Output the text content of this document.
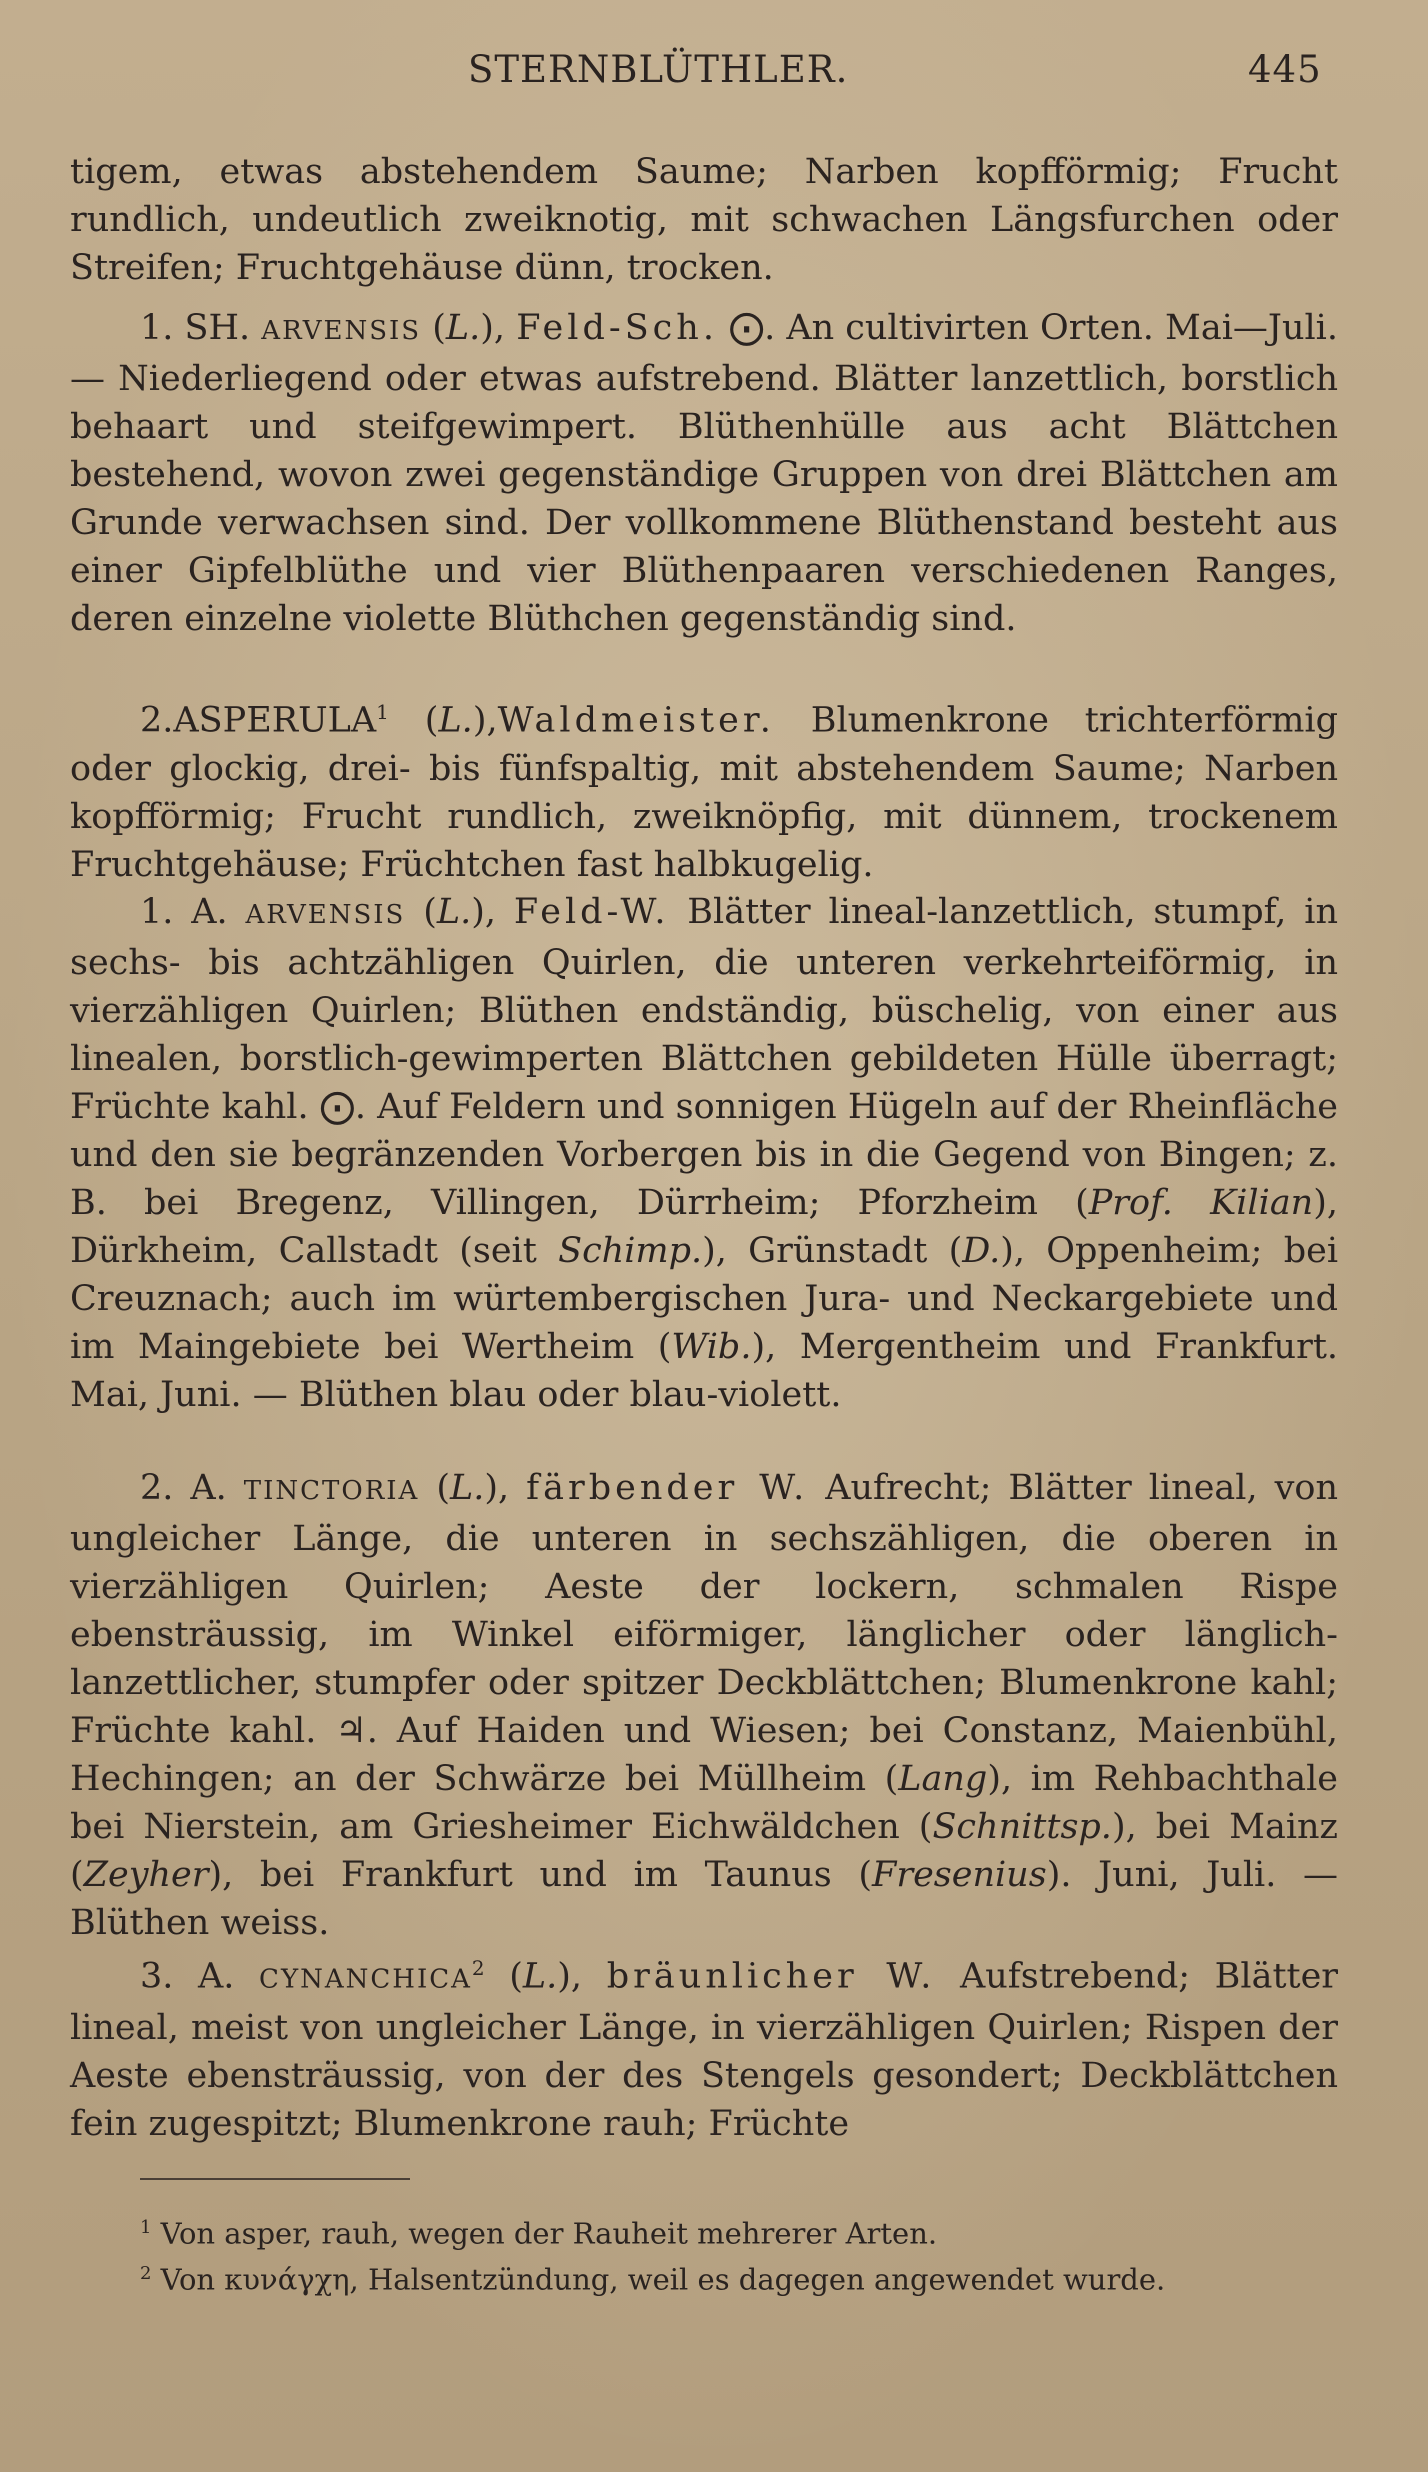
STERNBLÜTHLER.	445

tigem, etwas abstehendem Saume; Narben kopfförmig; Frucht rundlich, undeutlich zweiknotig, mit schwachen Längsfurchen oder Streifen; Fruchtgehäuse dünn, trocken.

1. SH. ARVENSIS (L.), Feld-Sch. ⨀. An cultivirten Orten. Mai—Juli. — Niederliegend oder etwas aufstrebend. Blätter lanzettlich, borstlich behaart und steifgewimpert. Blüthenhülle aus acht Blättchen bestehend, wovon zwei gegenständige Gruppen von drei Blättchen am Grunde verwachsen sind. Der vollkommene Blüthenstand besteht aus einer Gipfelblüthe und vier Blüthenpaaren verschiedenen Ranges, deren einzelne violette Blüthchen gegenständig sind.

2.ASPERULA$^1$ (L.),Waldmeister. Blumenkrone trichterförmig oder glockig, drei- bis fünfspaltig, mit abstehendem Saume; Narben kopfförmig; Frucht rundlich, zweiknöpfig, mit dünnem, trockenem Fruchtgehäuse; Früchtchen fast halbkugelig.

1. A. ARVENSIS (L.), Feld-W. Blätter lineal-lanzettlich, stumpf, in sechs- bis achtzähligen Quirlen, die unteren verkehrteiförmig, in vierzähligen Quirlen; Blüthen endständig, büschelig, von einer aus linealen, borstlich-gewimperten Blättchen gebildeten Hülle überragt; Früchte kahl. ⨀. Auf Feldern und sonnigen Hügeln auf der Rheinfläche und den sie begränzenden Vorbergen bis in die Gegend von Bingen; z. B. bei Bregenz, Villingen, Dürrheim; Pforzheim (Prof. Kilian), Dürkheim, Callstadt (seit Schimp.), Grünstadt (D.), Oppenheim; bei Creuznach; auch im würtembergischen Jura- und Neckargebiete und im Maingebiete bei Wertheim (Wib.), Mergentheim und Frankfurt. Mai, Juni. — Blüthen blau oder blau-violett.

2. A. TINCTORIA (L.), färbender W. Aufrecht; Blätter lineal, von ungleicher Länge, die unteren in sechszähligen, die oberen in vierzähligen Quirlen; Aeste der lockern, schmalen Rispe ebensträussig, im Winkel eiförmiger, länglicher oder länglich-lanzettlicher, stumpfer oder spitzer Deckblättchen; Blumenkrone kahl; Früchte kahl. ♃. Auf Haiden und Wiesen; bei Constanz, Maienbühl, Hechingen; an der Schwärze bei Müllheim (Lang), im Rehbachthale bei Nierstein, am Griesheimer Eichwäldchen (Schnittsp.), bei Mainz (Zeyher), bei Frankfurt und im Taunus (Fresenius). Juni, Juli. — Blüthen weiss.

3. A. CYNANCHICA$^2$ (L.), bräunlicher W. Aufstrebend; Blätter lineal, meist von ungleicher Länge, in vierzähligen Quirlen; Rispen der Aeste ebensträussig, von der des Stengels gesondert; Deckblättchen fein zugespitzt; Blumenkrone rauh; Früchte

$^1$ Von asper, rauh, wegen der Rauheit mehrerer Arten.

$^2$ Von κυνάγχη, Halsentzündung, weil es dagegen angewendet wurde.
